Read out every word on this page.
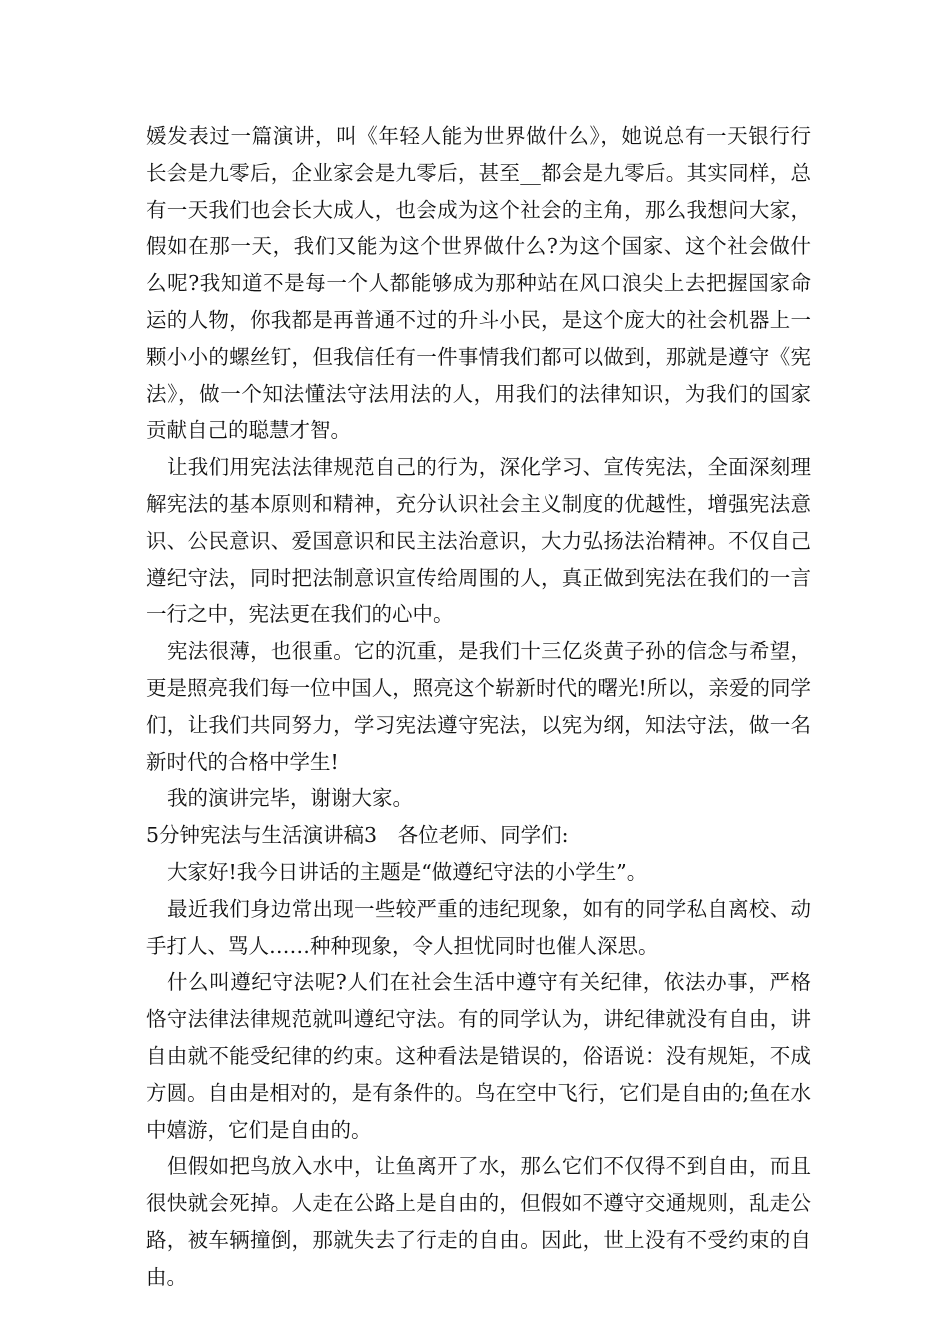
媛发表过一篇演讲，叫《年轻人能为世界做什么》，她说总有一天银行行长会是九零后，企业家会是九零后，甚至__都会是九零后。其实同样，总有一天我们也会长大成人，也会成为这个社会的主角，那么我想问大家，假如在那一天，我们又能为这个世界做什么?为这个国家、这个社会做什么呢?我知道不是每一个人都能够成为那种站在风口浪尖上去把握国家命运的人物，你我都是再普通不过的升斗小民，是这个庞大的社会机器上一颗小小的螺丝钉，但我信任有一件事情我们都可以做到，那就是遵守《宪法》，做一个知法懂法守法用法的人，用我们的法律知识，为我们的国家贡献自己的聪慧才智。

让我们用宪法法律规范自己的行为，深化学习、宣传宪法，全面深刻理解宪法的基本原则和精神，充分认识社会主义制度的优越性，增强宪法意识、公民意识、爱国意识和民主法治意识，大力弘扬法治精神。不仅自己遵纪守法，同时把法制意识宣传给周围的人，真正做到宪法在我们的一言一行之中，宪法更在我们的心中。

宪法很薄，也很重。它的沉重，是我们十三亿炎黄子孙的信念与希望，更是照亮我们每一位中国人，照亮这个崭新时代的曙光!所以，亲爱的同学们，让我们共同努力，学习宪法遵守宪法，以宪为纲，知法守法，做一名新时代的合格中学生!

我的演讲完毕，谢谢大家。

5分钟宪法与生活演讲稿3　各位老师、同学们:

大家好!我今日讲话的主题是“做遵纪守法的小学生”。

最近我们身边常出现一些较严重的违纪现象，如有的同学私自离校、动手打人、骂人……种种现象，令人担忧同时也催人深思。

什么叫遵纪守法呢?人们在社会生活中遵守有关纪律，依法办事，严格恪守法律法律规范就叫遵纪守法。有的同学认为，讲纪律就没有自由，讲自由就不能受纪律的约束。这种看法是错误的，俗语说：没有规矩，不成方圆。自由是相对的，是有条件的。鸟在空中飞行，它们是自由的;鱼在水中嬉游，它们是自由的。

但假如把鸟放入水中，让鱼离开了水，那么它们不仅得不到自由，而且很快就会死掉。人走在公路上是自由的，但假如不遵守交通规则，乱走公路，被车辆撞倒，那就失去了行走的自由。因此，世上没有不受约束的自由。
